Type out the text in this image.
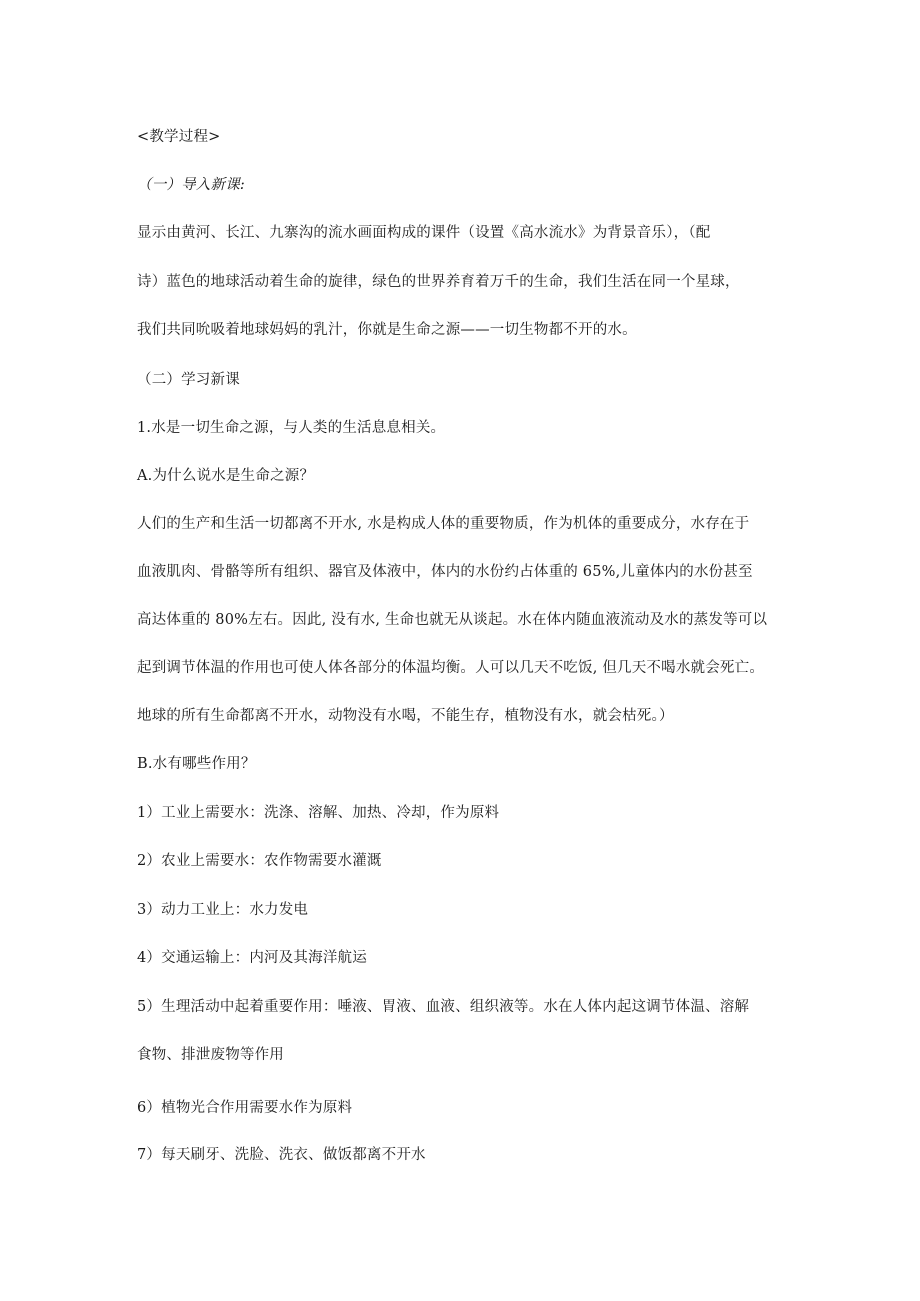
<教学过程>
（一）导入新课:
显示由黄河、长江、九寨沟的流水画面构成的课件（设置《高水流水》为背景音乐），（配
诗）蓝色的地球活动着生命的旋律，绿色的世界养育着万千的生命，我们生活在同一个星球，
我们共同吮吸着地球妈妈的乳汁，你就是生命之源——一切生物都不开的水。
（二）学习新课
1.水是一切生命之源，与人类的生活息息相关。
A.为什么说水是生命之源？
人们的生产和生活一切都离不开水, 水是构成人体的重要物质，作为机体的重要成分，水存在于
血液肌肉、骨骼等所有组织、器官及体液中，体内的水份约占体重的 65%,儿童体内的水份甚至
高达体重的 80%左右。因此, 没有水, 生命也就无从谈起。水在体内随血液流动及水的蒸发等可以
起到调节体温的作用也可使人体各部分的体温均衡。人可以几天不吃饭, 但几天不喝水就会死亡。
地球的所有生命都离不开水，动物没有水喝，不能生存，植物没有水，就会枯死。）
B.水有哪些作用？
1）工业上需要水：洗涤、溶解、加热、冷却，作为原料
2）农业上需要水：农作物需要水灌溉
3）动力工业上：水力发电
4）交通运输上：内河及其海洋航运
5）生理活动中起着重要作用：唾液、胃液、血液、组织液等。水在人体内起这调节体温、溶解
食物、排泄废物等作用
6）植物光合作用需要水作为原料
7）每天刷牙、洗脸、洗衣、做饭都离不开水
